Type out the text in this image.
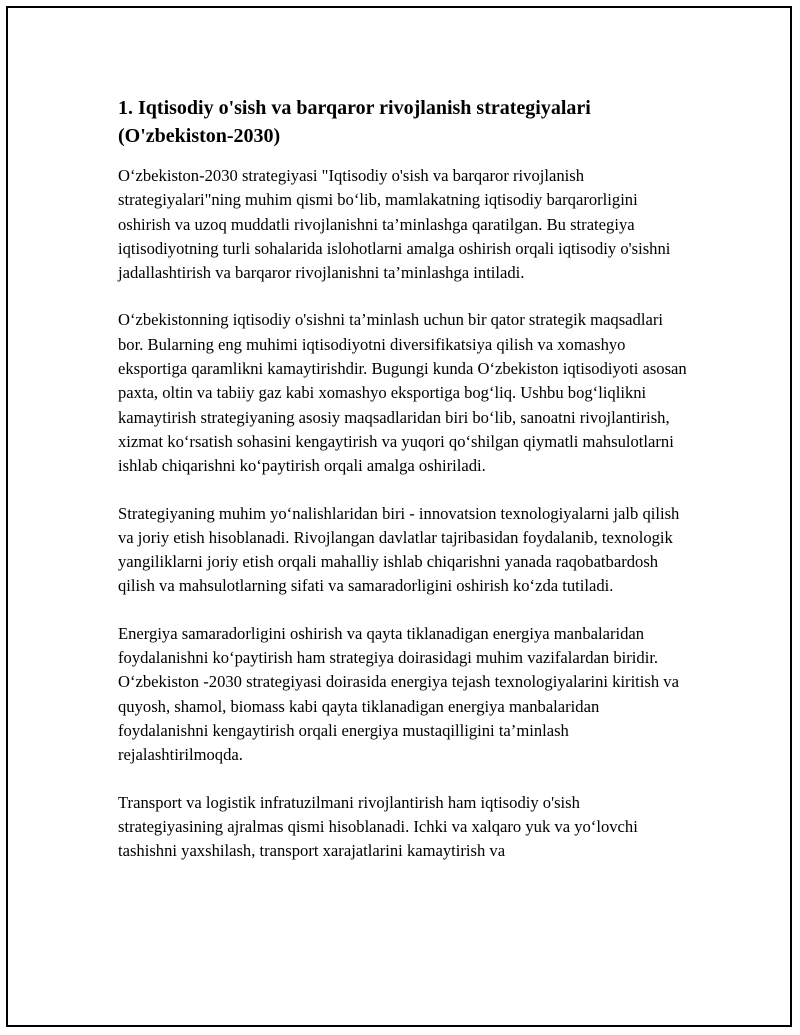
1. Iqtisodiy o'sish va barqaror rivojlanish strategiyalari (O'zbekiston-2030)

O‘zbekiston-2030 strategiyasi "Iqtisodiy o'sish va barqaror rivojlanish strategiyalari"ning muhim qismi bo‘lib, mamlakatning iqtisodiy barqarorligini oshirish va uzoq muddatli rivojlanishni ta’minlashga qaratilgan. Bu strategiya iqtisodiyotning turli sohalarida islohotlarni amalga oshirish orqali iqtisodiy o'sishni jadallashtirish va barqaror rivojlanishni ta’minlashga intiladi.

O‘zbekistonning iqtisodiy o'sishni ta’minlash uchun bir qator strategik maqsadlari bor. Bularning eng muhimi iqtisodiyotni diversifikatsiya qilish va xomashyo eksportiga qaramlikni kamaytirishdir. Bugungi kunda O‘zbekiston iqtisodiyoti asosan paxta, oltin va tabiiy gaz kabi xomashyo eksportiga bog‘liq. Ushbu bog‘liqlikni kamaytirish strategiyaning asosiy maqsadlaridan biri bo‘lib, sanoatni rivojlantirish, xizmat ko‘rsatish sohasini kengaytirish va yuqori qo‘shilgan qiymatli mahsulotlarni ishlab chiqarishni ko‘paytirish orqali amalga oshiriladi.

Strategiyaning muhim yo‘nalishlaridan biri - innovatsion texnologiyalarni jalb qilish va joriy etish hisoblanadi. Rivojlangan davlatlar tajribasidan foydalanib, texnologik yangiliklarni joriy etish orqali mahalliy ishlab chiqarishni yanada raqobatbardosh qilish va mahsulotlarning sifati va samaradorligini oshirish ko‘zda tutiladi.

Energiya samaradorligini oshirish va qayta tiklanadigan energiya manbalaridan foydalanishni ko‘paytirish ham strategiya doirasidagi muhim vazifalardan biridir. O‘zbekiston -2030 strategiyasi doirasida energiya tejash texnologiyalarini kiritish va quyosh, shamol, biomass kabi qayta tiklanadigan energiya manbalaridan foydalanishni kengaytirish orqali energiya mustaqilligini ta’minlash rejalashtirilmoqda.

Transport va logistik infratuzilmani rivojlantirish ham iqtisodiy o'sish strategiyasining ajralmas qismi hisoblanadi. Ichki va xalqaro yuk va yo‘lovchi tashishni yaxshilash, transport xarajatlarini kamaytirish va
